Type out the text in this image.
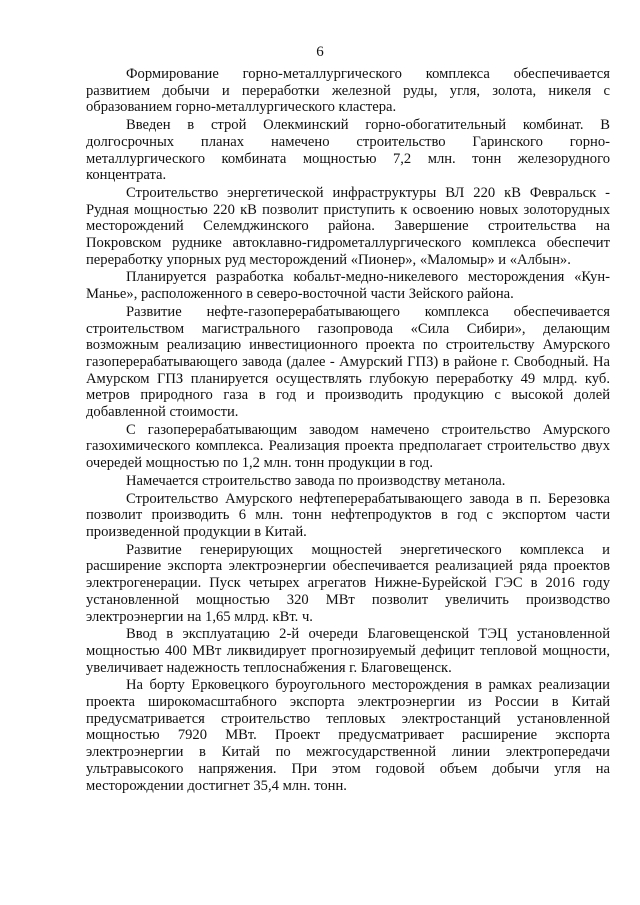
6

Формирование горно-металлургического комплекса обеспечивается развитием добычи и переработки железной руды, угля, золота, никеля с образованием горно-металлургического кластера.

Введен в строй Олекминский горно-обогатительный комбинат. В долгосрочных планах намечено строительство Гаринского горно-металлургического комбината мощностью 7,2 млн. тонн железорудного концентрата.

Строительство энергетической инфраструктуры ВЛ 220 кВ Февральск - Рудная мощностью 220 кВ позволит приступить к освоению новых золоторудных месторождений Селемджинского района. Завершение строительства на Покровском руднике автоклавно-гидрометаллургического комплекса обеспечит переработку упорных руд месторождений «Пионер», «Маломыр» и «Албын».

Планируется разработка кобальт-медно-никелевого месторождения «Кун-Манье», расположенного в северо-восточной части Зейского района.

Развитие нефте-газоперерабатывающего комплекса обеспечивается строительством магистрального газопровода «Сила Сибири», делающим возможным реализацию инвестиционного проекта по строительству Амурского газоперерабатывающего завода (далее - Амурский ГПЗ) в районе г. Свободный. На Амурском ГПЗ планируется осуществлять глубокую переработку 49 млрд. куб. метров природного газа в год и производить продукцию с высокой долей добавленной стоимости.

С газоперерабатывающим заводом намечено строительство Амурского газохимического комплекса. Реализация проекта предполагает строительство двух очередей мощностью по 1,2 млн. тонн продукции в год.

Намечается строительство завода по производству метанола.

Строительство Амурского нефтеперерабатывающего завода в п. Березовка позволит производить 6 млн. тонн нефтепродуктов в год с экспортом части произведенной продукции в Китай.

Развитие генерирующих мощностей энергетического комплекса и расширение экспорта электроэнергии обеспечивается реализацией ряда проектов электрогенерации. Пуск четырех агрегатов Нижне-Бурейской ГЭС в 2016 году установленной мощностью 320 МВт позволит увеличить производство электроэнергии на 1,65 млрд. кВт. ч.

Ввод в эксплуатацию 2-й очереди Благовещенской ТЭЦ установленной мощностью 400 МВт ликвидирует прогнозируемый дефицит тепловой мощности, увеличивает надежность теплоснабжения г. Благовещенск.

На борту Ерковецкого буроугольного месторождения в рамках реализации проекта широкомасштабного экспорта электроэнергии из России в Китай предусматривается строительство тепловых электростанций установленной мощностью 7920 МВт. Проект предусматривает расширение экспорта электроэнергии в Китай по межгосударственной линии электропередачи ультравысокого напряжения. При этом годовой объем добычи угля на месторождении достигнет 35,4 млн. тонн.
